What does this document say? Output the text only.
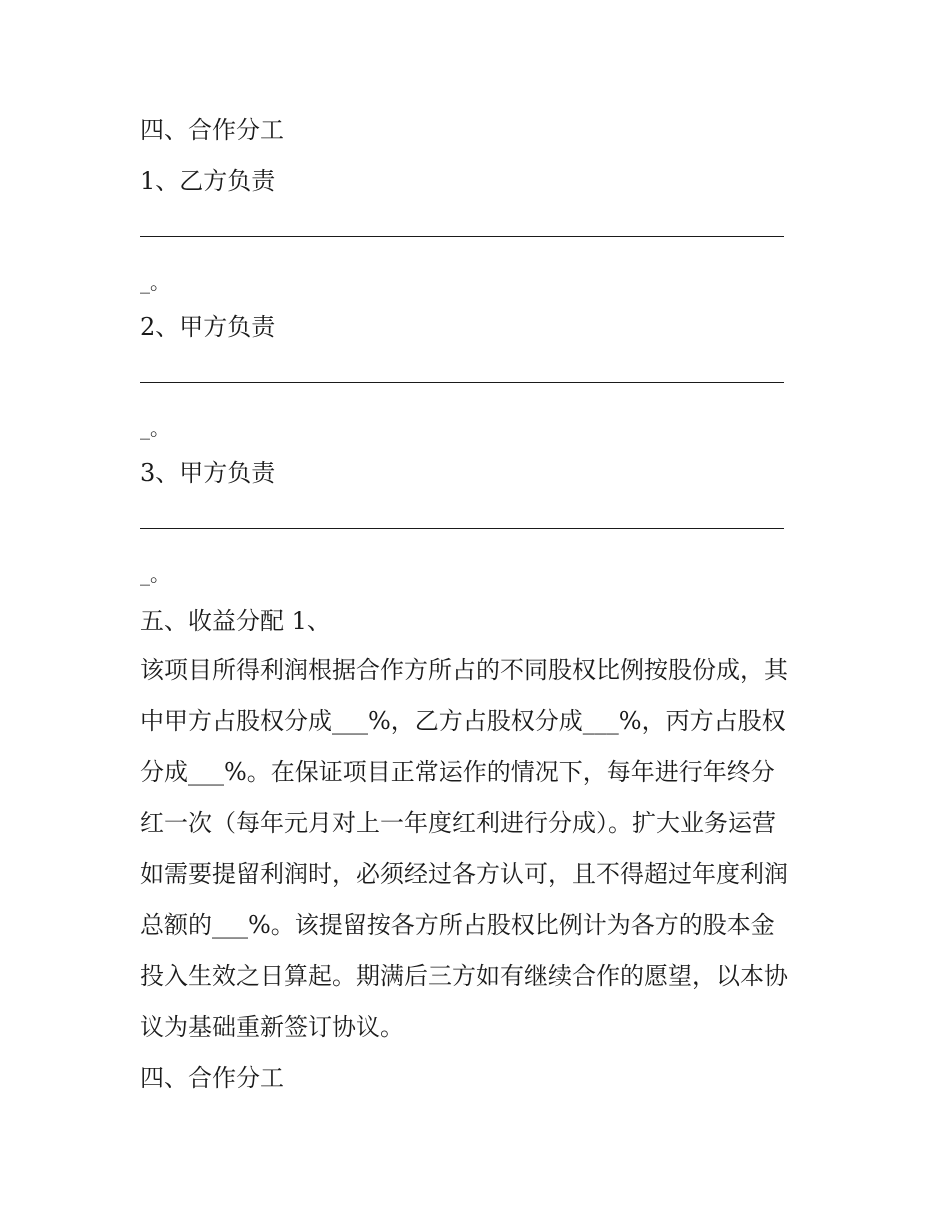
四、合作分工
1、乙方负责
_。
2、甲方负责
_。
3、甲方负责
_。
五、收益分配 1、
该项目所得利润根据合作方所占的不同股权比例按股份成，其
中甲方占股权分成___%，乙方占股权分成___%，丙方占股权
分成___%。在保证项目正常运作的情况下，每年进行年终分
红一次（每年元月对上一年度红利进行分成）。扩大业务运营
如需要提留利润时，必须经过各方认可，且不得超过年度利润
总额的___%。该提留按各方所占股权比例计为各方的股本金
投入生效之日算起。期满后三方如有继续合作的愿望，以本协
议为基础重新签订协议。
四、合作分工
